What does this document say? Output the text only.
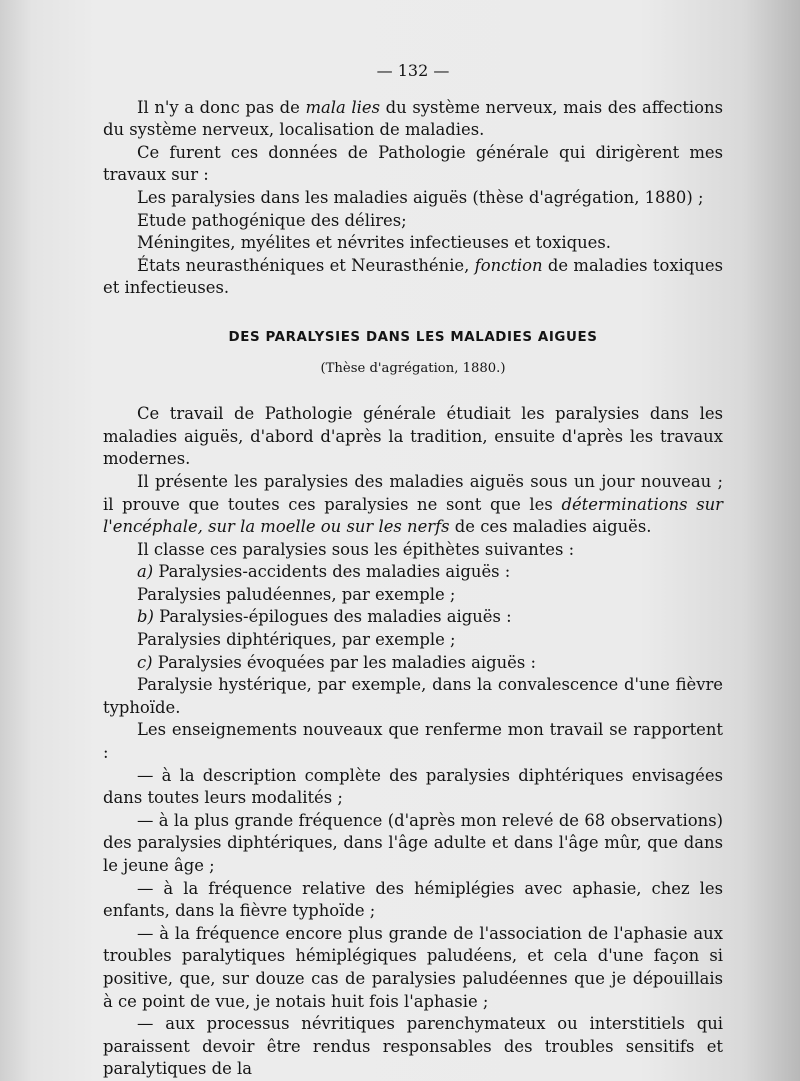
— 132 —

Il n'y a donc pas de mala lies du système nerveux, mais des affections du système nerveux, localisation de maladies.

Ce furent ces données de Pathologie générale qui dirigèrent mes travaux sur :

Les paralysies dans les maladies aiguës (thèse d'agrégation, 1880) ;

Etude pathogénique des délires;

Méningites, myélites et névrites infectieuses et toxiques.

États neurasthéniques et Neurasthénie, fonction de maladies toxiques et infectieuses.

DES PARALYSIES DANS LES MALADIES AIGUES
(Thèse d'agrégation, 1880.)

Ce travail de Pathologie générale étudiait les paralysies dans les maladies aiguës, d'abord d'après la tradition, ensuite d'après les travaux modernes.

Il présente les paralysies des maladies aiguës sous un jour nouveau ; il prouve que toutes ces paralysies ne sont que les déterminations sur l'encéphale, sur la moelle ou sur les nerfs de ces maladies aiguës.

Il classe ces paralysies sous les épithètes suivantes :

a) Paralysies-accidents des maladies aiguës :

Paralysies paludéennes, par exemple ;

b) Paralysies-épilogues des maladies aiguës :

Paralysies diphtériques, par exemple ;

c) Paralysies évoquées par les maladies aiguës :

Paralysie hystérique, par exemple, dans la convalescence d'une fièvre typhoïde.

Les enseignements nouveaux que renferme mon travail se rapportent :

— à la description complète des paralysies diphtériques envisagées dans toutes leurs modalités ;

— à la plus grande fréquence (d'après mon relevé de 68 observations) des paralysies diphtériques, dans l'âge adulte et dans l'âge mûr, que dans le jeune âge ;

— à la fréquence relative des hémiplégies avec aphasie, chez les enfants, dans la fièvre typhoïde ;

— à la fréquence encore plus grande de l'association de l'aphasie aux troubles paralytiques hémiplégiques paludéens, et cela d'une façon si positive, que, sur douze cas de paralysies paludéennes que je dépouillais à ce point de vue, je notais huit fois l'aphasie ;

— aux processus névritiques parenchymateux ou interstitiels qui paraissent devoir être rendus responsables des troubles sensitifs et paralytiques de la
